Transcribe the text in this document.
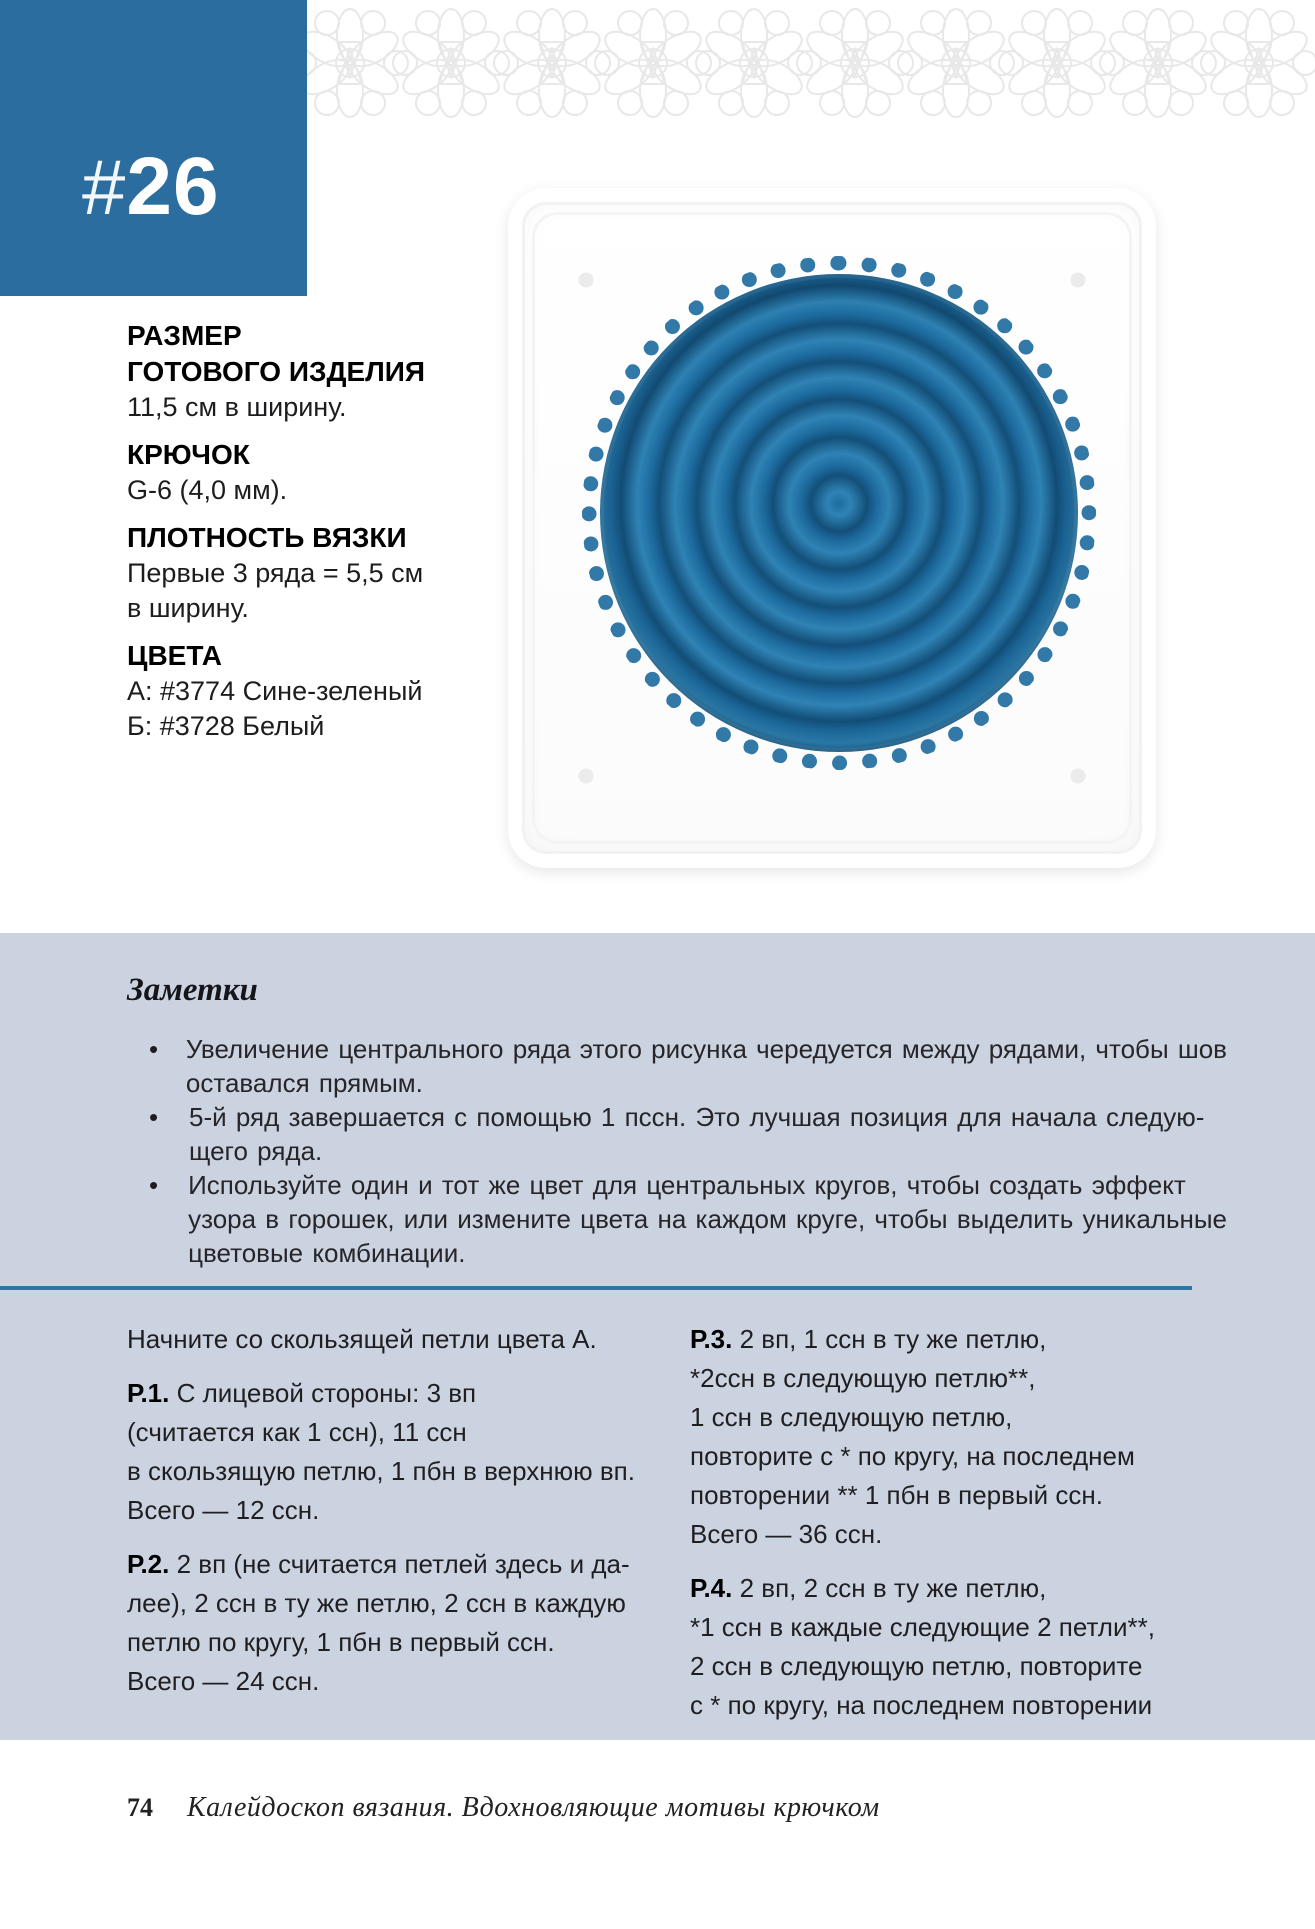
#26
РАЗМЕР
ГОТОВОГО ИЗДЕЛИЯ
11,5 см в ширину.
КРЮЧОК
G-6 (4,0 мм).
ПЛОТНОСТЬ ВЯЗКИ
Первые 3 ряда = 5,5 см
в ширину.
ЦВЕТА
А: #3774 Сине-зеленый
Б: #3728 Белый
Заметки
•	Увеличение центрального ряда этого рисунка чередуется между рядами, чтобы шов
оставался прямым.
•	5-й ряд завершается с помощью 1 пссн. Это лучшая позиция для начала следую-
щего ряда.
•	Используйте один и тот же цвет для центральных кругов, чтобы создать эффект
узора в горошек, или измените цвета на каждом круге, чтобы выделить уникальные
цветовые комбинации.
Начните со скользящей петли цвета А.
Р.1. С лицевой стороны: 3 вп
(считается как 1 ссн), 11 ссн
в скользящую петлю, 1 пбн в верхнюю вп.
Всего — 12 ссн.
Р.2. 2 вп (не считается петлей здесь и да-
лее), 2 ссн в ту же петлю, 2 ссн в каждую
петлю по кругу, 1 пбн в первый ссн.
Всего — 24 ссн.
Р.3. 2 вп, 1 ссн в ту же петлю,
*2ссн в следующую петлю**,
1 ссн в следующую петлю,
повторите с * по кругу, на последнем
повторении ** 1 пбн в первый ссн.
Всего — 36 ссн.
Р.4. 2 вп, 2 ссн в ту же петлю,
*1 ссн в каждые следующие 2 петли**,
2 ссн в следующую петлю, повторите
с * по кругу, на последнем повторении
74 Калейдоскоп вязания. Вдохновляющие мотивы крючком
